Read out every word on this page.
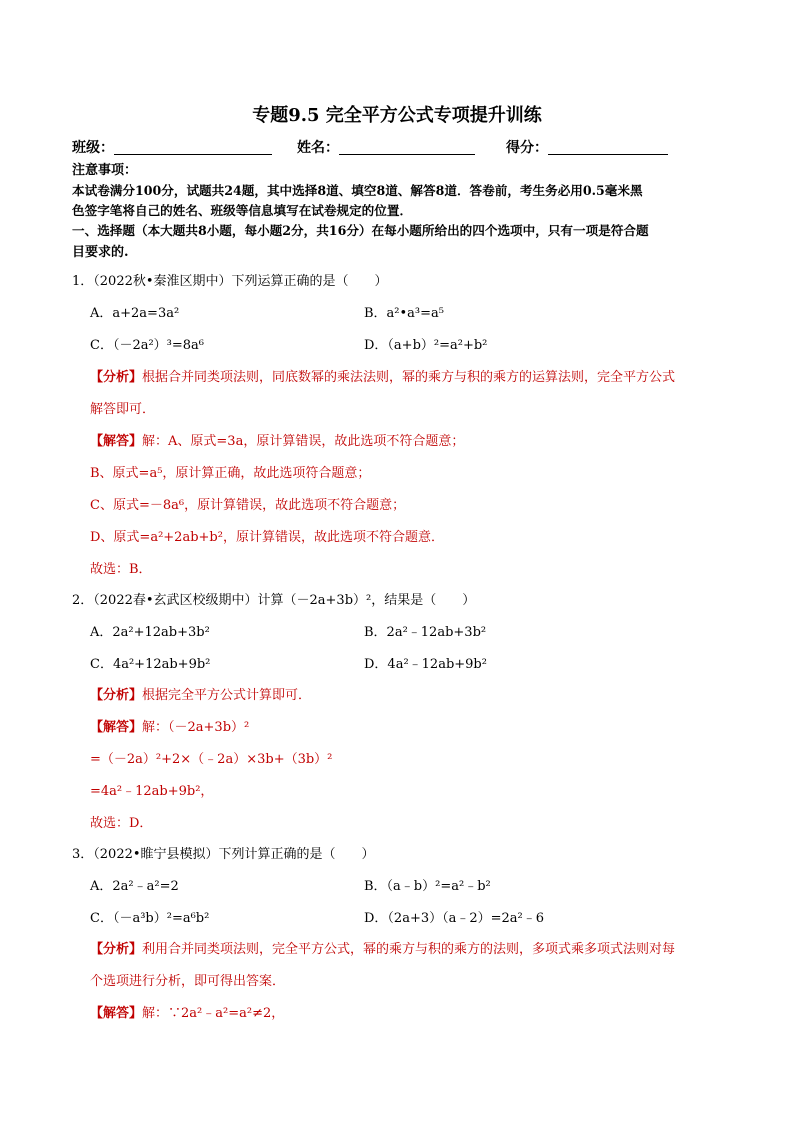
专题9.5 完全平方公式专项提升训练
班级：	姓名：	得分：
注意事项：
本试卷满分100分，试题共24题，其中选择8道、填空8道、解答8道．答卷前，考生务必用0.5毫米黑
色签字笔将自己的姓名、班级等信息填写在试卷规定的位置．
一、选择题（本大题共8小题，每小题2分，共16分）在每小题所给出的四个选项中，只有一项是符合题
目要求的.
1．（2022秋•秦淮区期中）下列运算正确的是（　　）
A．a+2a=3a²	B．a²•a³=a⁵
C．（－2a²）³=8a⁶	D．（a+b）²=a²+b²
【分析】根据合并同类项法则，同底数幂的乘法法则，幂的乘方与积的乘方的运算法则，完全平方公式
解答即可．
【解答】解：A、原式=3a，原计算错误，故此选项不符合题意；
B、原式=a⁵，原计算正确，故此选项符合题意；
C、原式=－8a⁶，原计算错误，故此选项不符合题意；
D、原式=a²+2ab+b²，原计算错误，故此选项不符合题意．
故选：B．
2．（2022春•玄武区校级期中）计算（－2a+3b）²，结果是（　　）
A．2a²+12ab+3b²	B．2a²﹣12ab+3b²
C．4a²+12ab+9b²	D．4a²﹣12ab+9b²
【分析】根据完全平方公式计算即可．
【解答】解：（－2a+3b）²
=（－2a）²+2×（﹣2a）×3b+（3b）²
=4a²﹣12ab+9b²，
故选：D．
3．（2022•睢宁县模拟）下列计算正确的是（　　）
A．2a²﹣a²=2	B．（a﹣b）²=a²﹣b²
C．（－a³b）²=a⁶b²	D．（2a+3）（a﹣2）=2a²﹣6
【分析】利用合并同类项法则，完全平方公式，幂的乘方与积的乘方的法则，多项式乘多项式法则对每
个选项进行分析，即可得出答案．
【解答】解：∵2a²﹣a²=a²≠2，
